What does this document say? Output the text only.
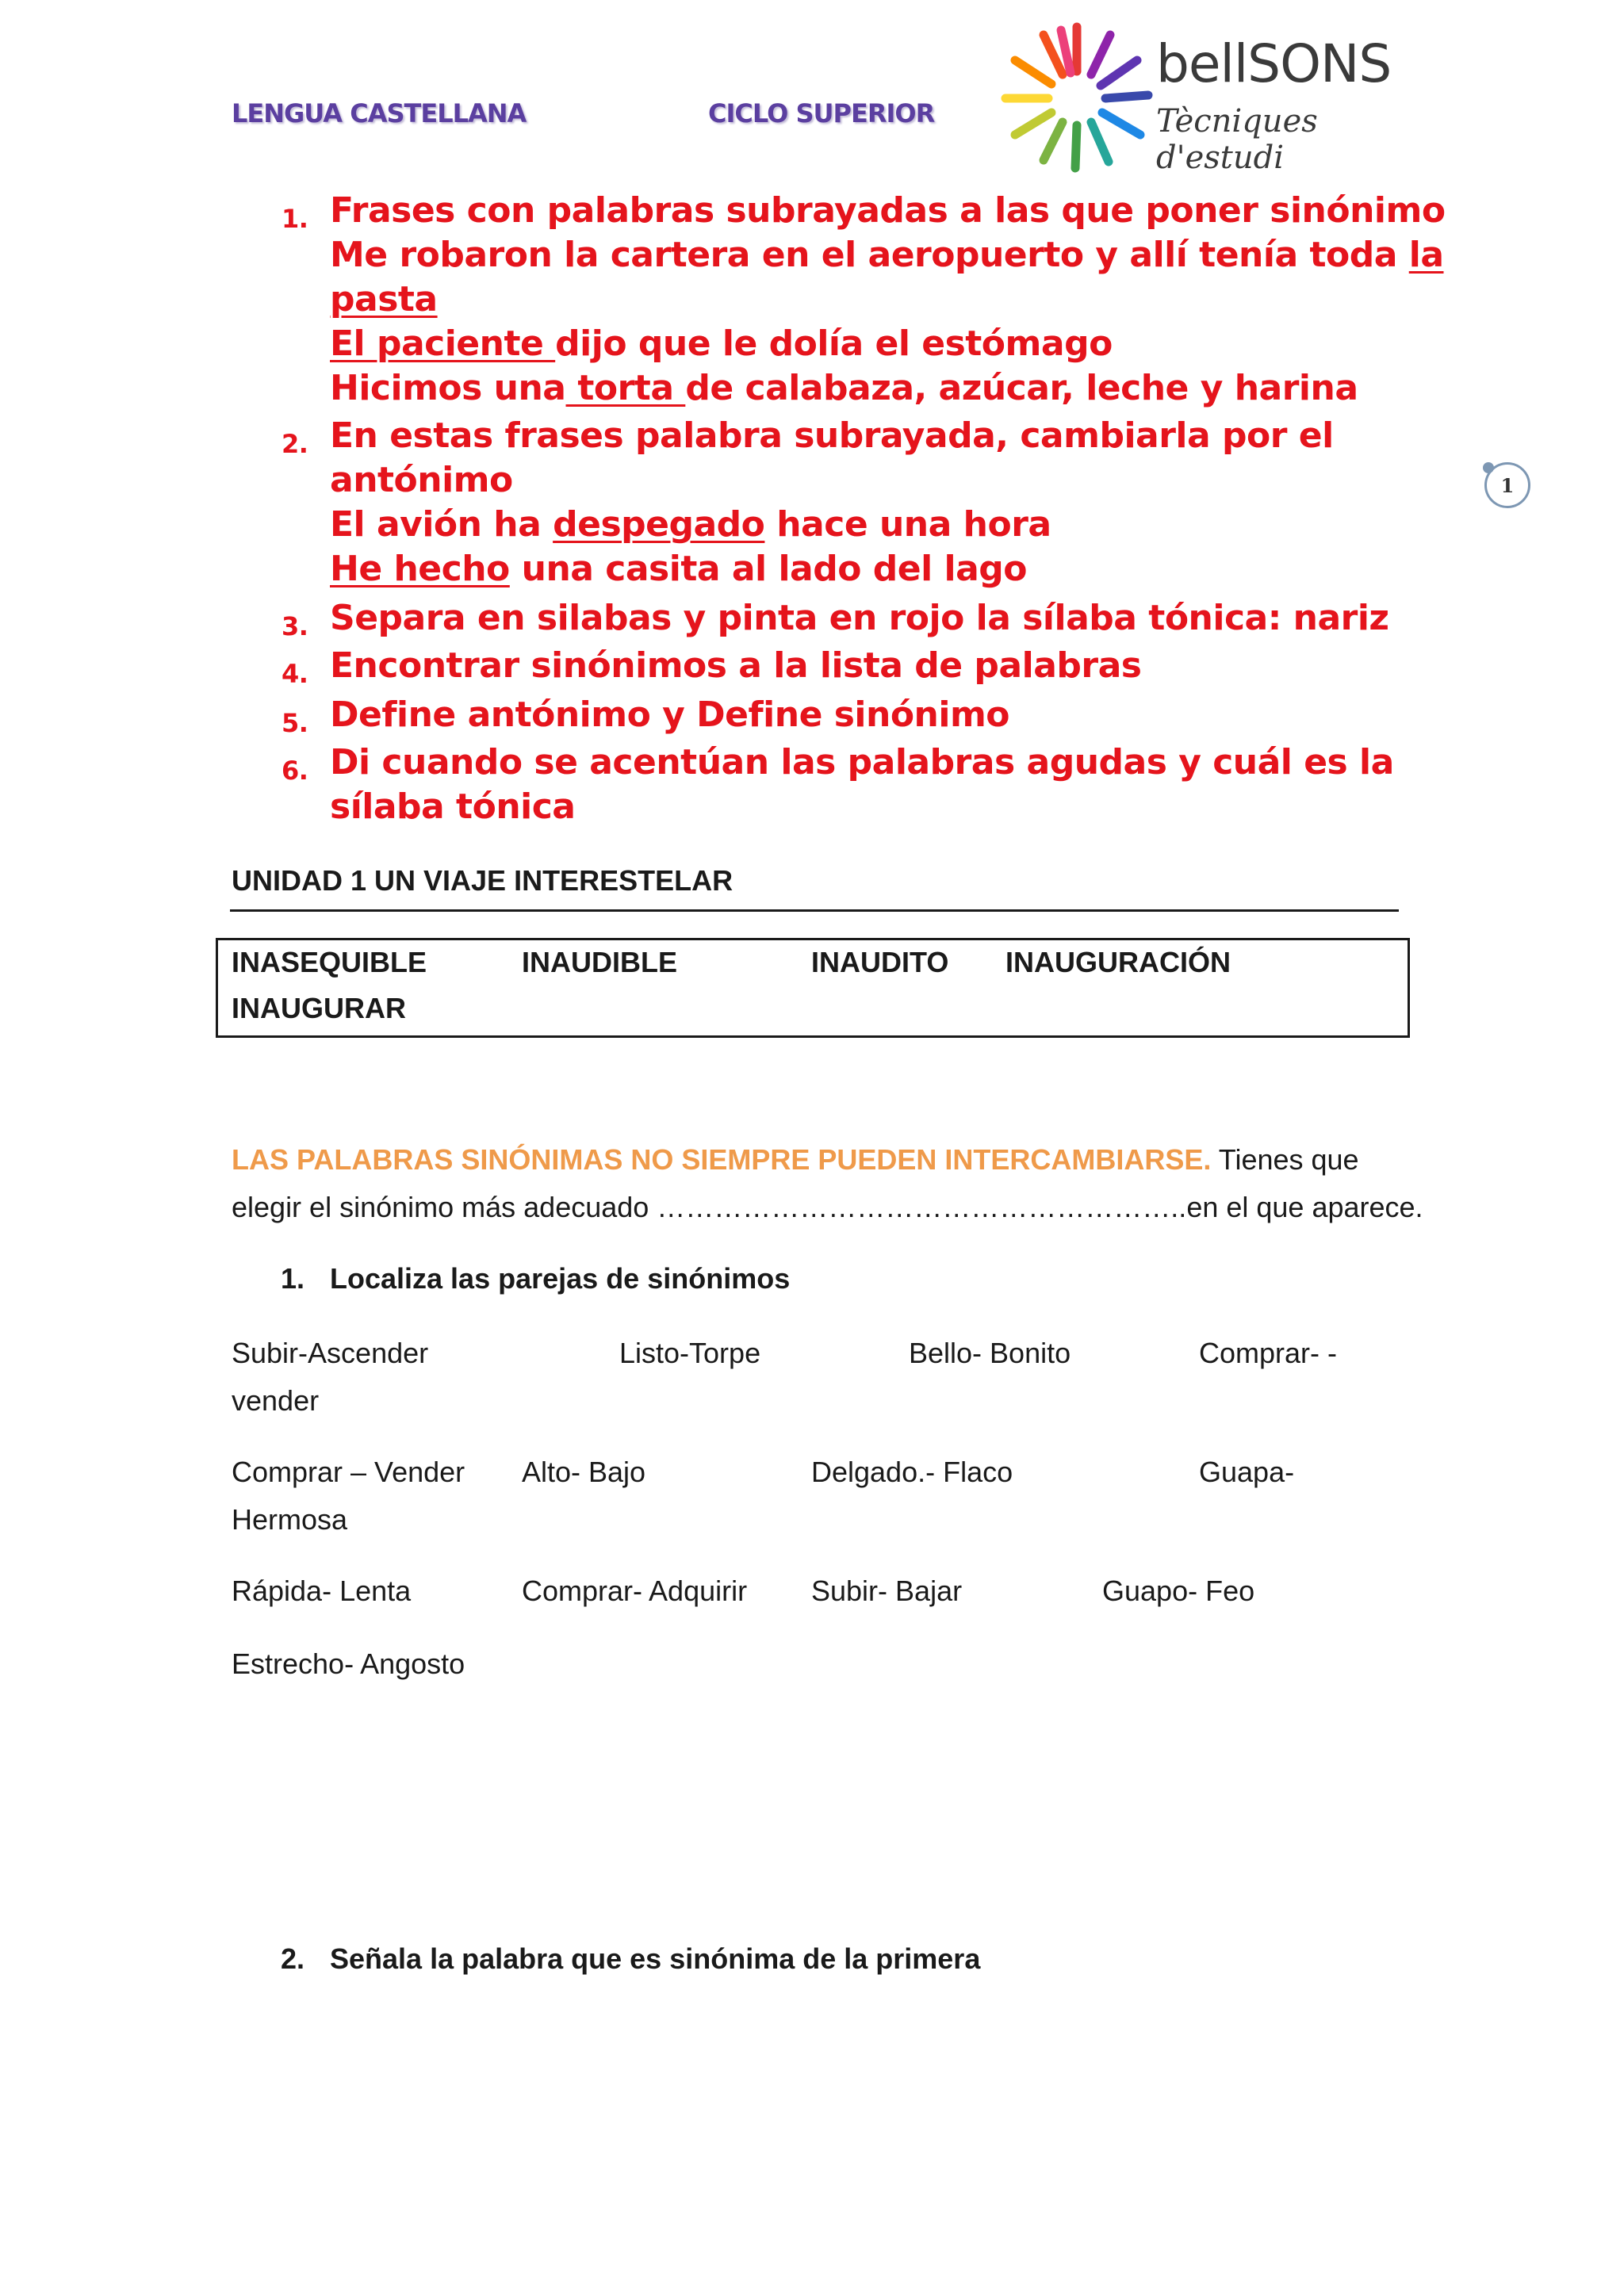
LENGUA CASTELLANA	CICLO SUPERIOR
bellSONS
Tècniques d'estudi
1
1. Frases con palabras subrayadas a las que poner sinónimo
Me robaron la cartera en el aeropuerto y allí tenía toda la
pasta
El paciente dijo que le dolía el estómago
Hicimos una torta de calabaza, azúcar, leche y harina
2. En estas frases palabra subrayada, cambiarla por el
antónimo
El avión ha despegado hace una hora
He hecho una casita al lado del lago
3. Separa en silabas y pinta en rojo la sílaba tónica: nariz
4. Encontrar sinónimos a la lista de palabras
5. Define antónimo y Define sinónimo
6. Di cuando se acentúan las palabras agudas y cuál es la
sílaba tónica
UNIDAD 1 UN VIAJE INTERESTELAR
INASEQUIBLE	INAUDIBLE	INAUDITO INAUGURACIÓN
INAUGURAR
LAS PALABRAS SINÓNIMAS NO SIEMPRE PUEDEN INTERCAMBIARSE. Tienes que
elegir el sinónimo más adecuado ………………………………………………..en el que aparece.
1. Localiza las parejas de sinónimos
Subir-Ascender	Listo-Torpe	Bello- Bonito	Comprar- -
vender
Comprar – Vender Alto- Bajo	Delgado.- Flaco	Guapa-
Hermosa
Rápida- Lenta	Comprar- Adquirir Subir- Bajar	Guapo- Feo
Estrecho- Angosto
2. Señala la palabra que es sinónima de la primera
